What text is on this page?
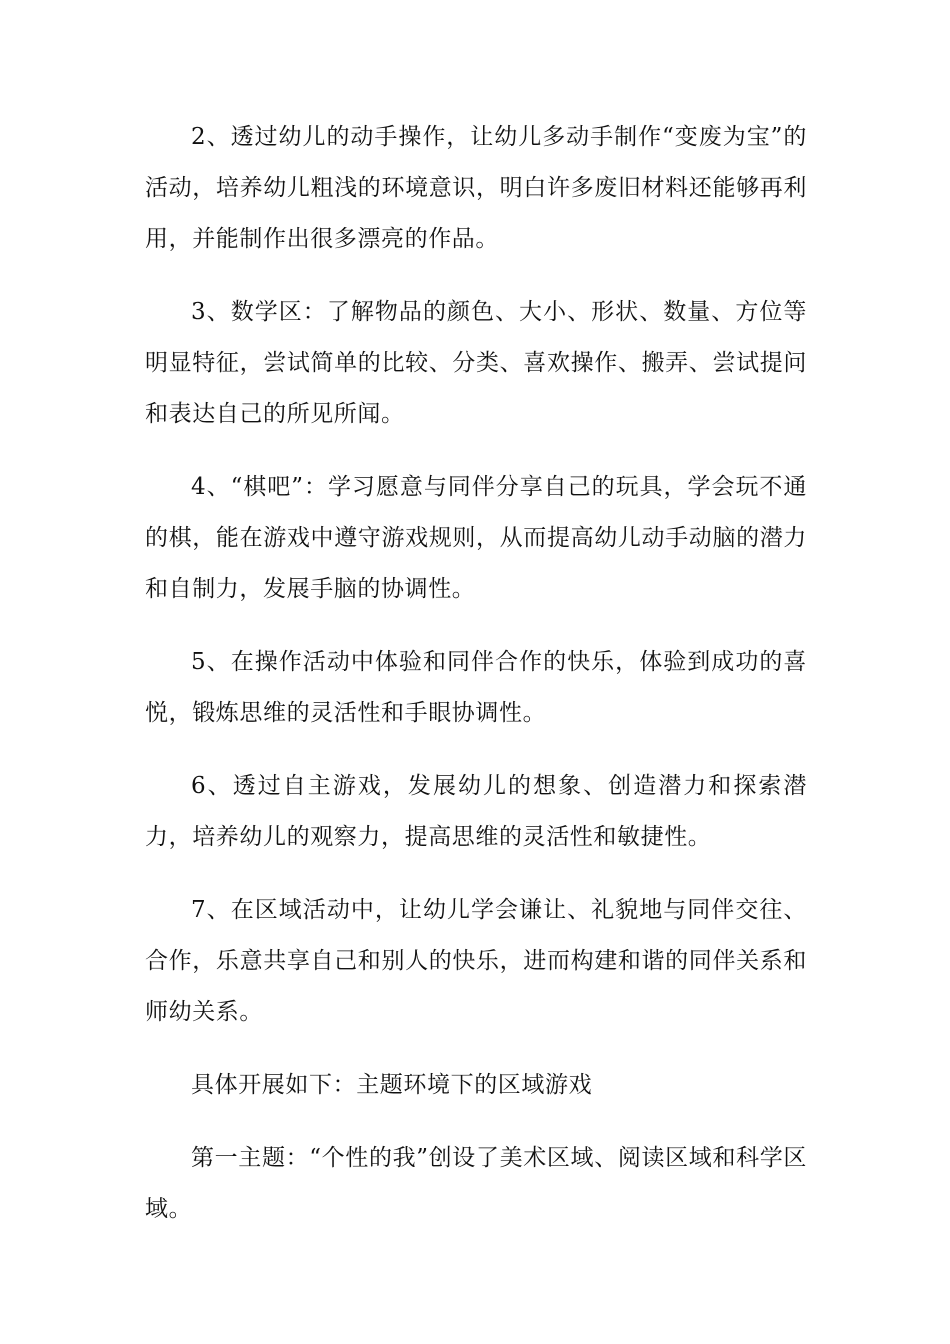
2、透过幼儿的动手操作，让幼儿多动手制作“变废为宝”的活动，培养幼儿粗浅的环境意识，明白许多废旧材料还能够再利用，并能制作出很多漂亮的作品。

3、数学区：了解物品的颜色、大小、形状、数量、方位等明显特征，尝试简单的比较、分类、喜欢操作、搬弄、尝试提问和表达自己的所见所闻。

4、“棋吧”：学习愿意与同伴分享自己的玩具，学会玩不通的棋，能在游戏中遵守游戏规则，从而提高幼儿动手动脑的潜力和自制力，发展手脑的协调性。

5、在操作活动中体验和同伴合作的快乐，体验到成功的喜悦，锻炼思维的灵活性和手眼协调性。

6、透过自主游戏，发展幼儿的想象、创造潜力和探索潜力，培养幼儿的观察力，提高思维的灵活性和敏捷性。

7、在区域活动中，让幼儿学会谦让、礼貌地与同伴交往、合作，乐意共享自己和别人的快乐，进而构建和谐的同伴关系和师幼关系。

具体开展如下：主题环境下的区域游戏

第一主题：“个性的我”创设了美术区域、阅读区域和科学区域。
